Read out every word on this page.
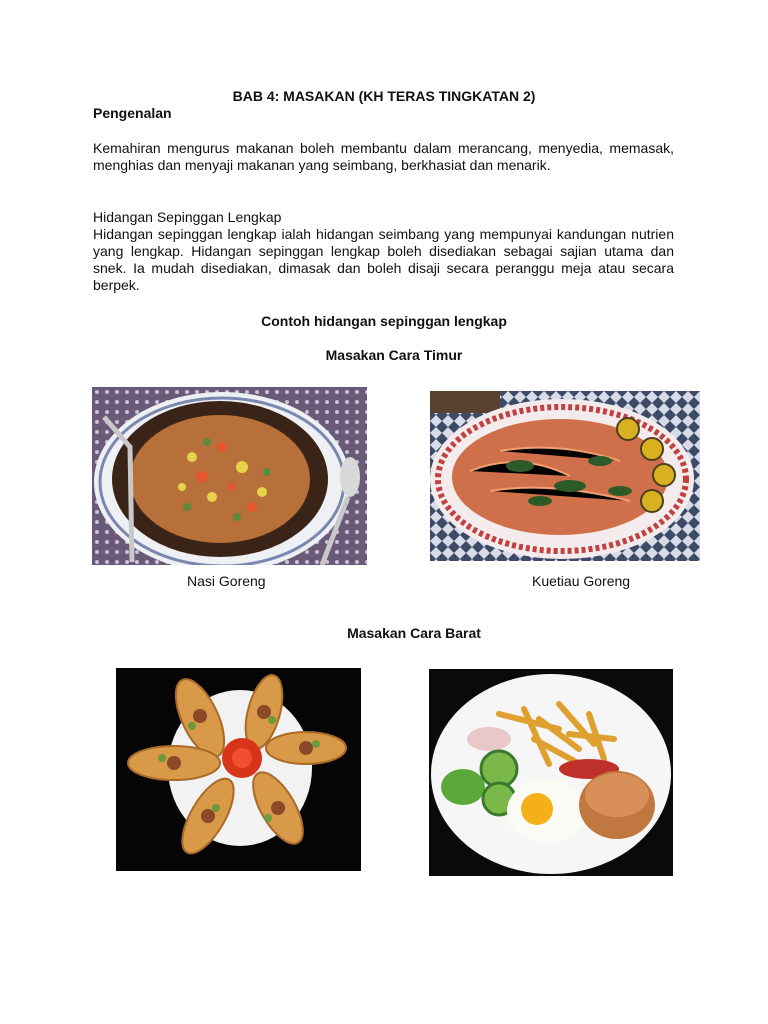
BAB 4: MASAKAN (KH TERAS TINGKATAN 2)
Pengenalan
Kemahiran mengurus makanan boleh membantu dalam merancang, menyedia, memasak, menghias dan menyaji makanan yang seimbang, berkhasiat dan menarik.
Hidangan Sepinggan Lengkap
Hidangan sepinggan lengkap ialah hidangan seimbang yang mempunyai kandungan nutrien yang lengkap. Hidangan sepinggan lengkap boleh disediakan sebagai sajian utama dan snek. Ia mudah disediakan, dimasak dan boleh disaji secara peranggu meja atau secara berpek.
Contoh hidangan sepinggan lengkap
Masakan Cara Timur
Nasi Goreng	Kuetiau Goreng
Masakan Cara Barat
